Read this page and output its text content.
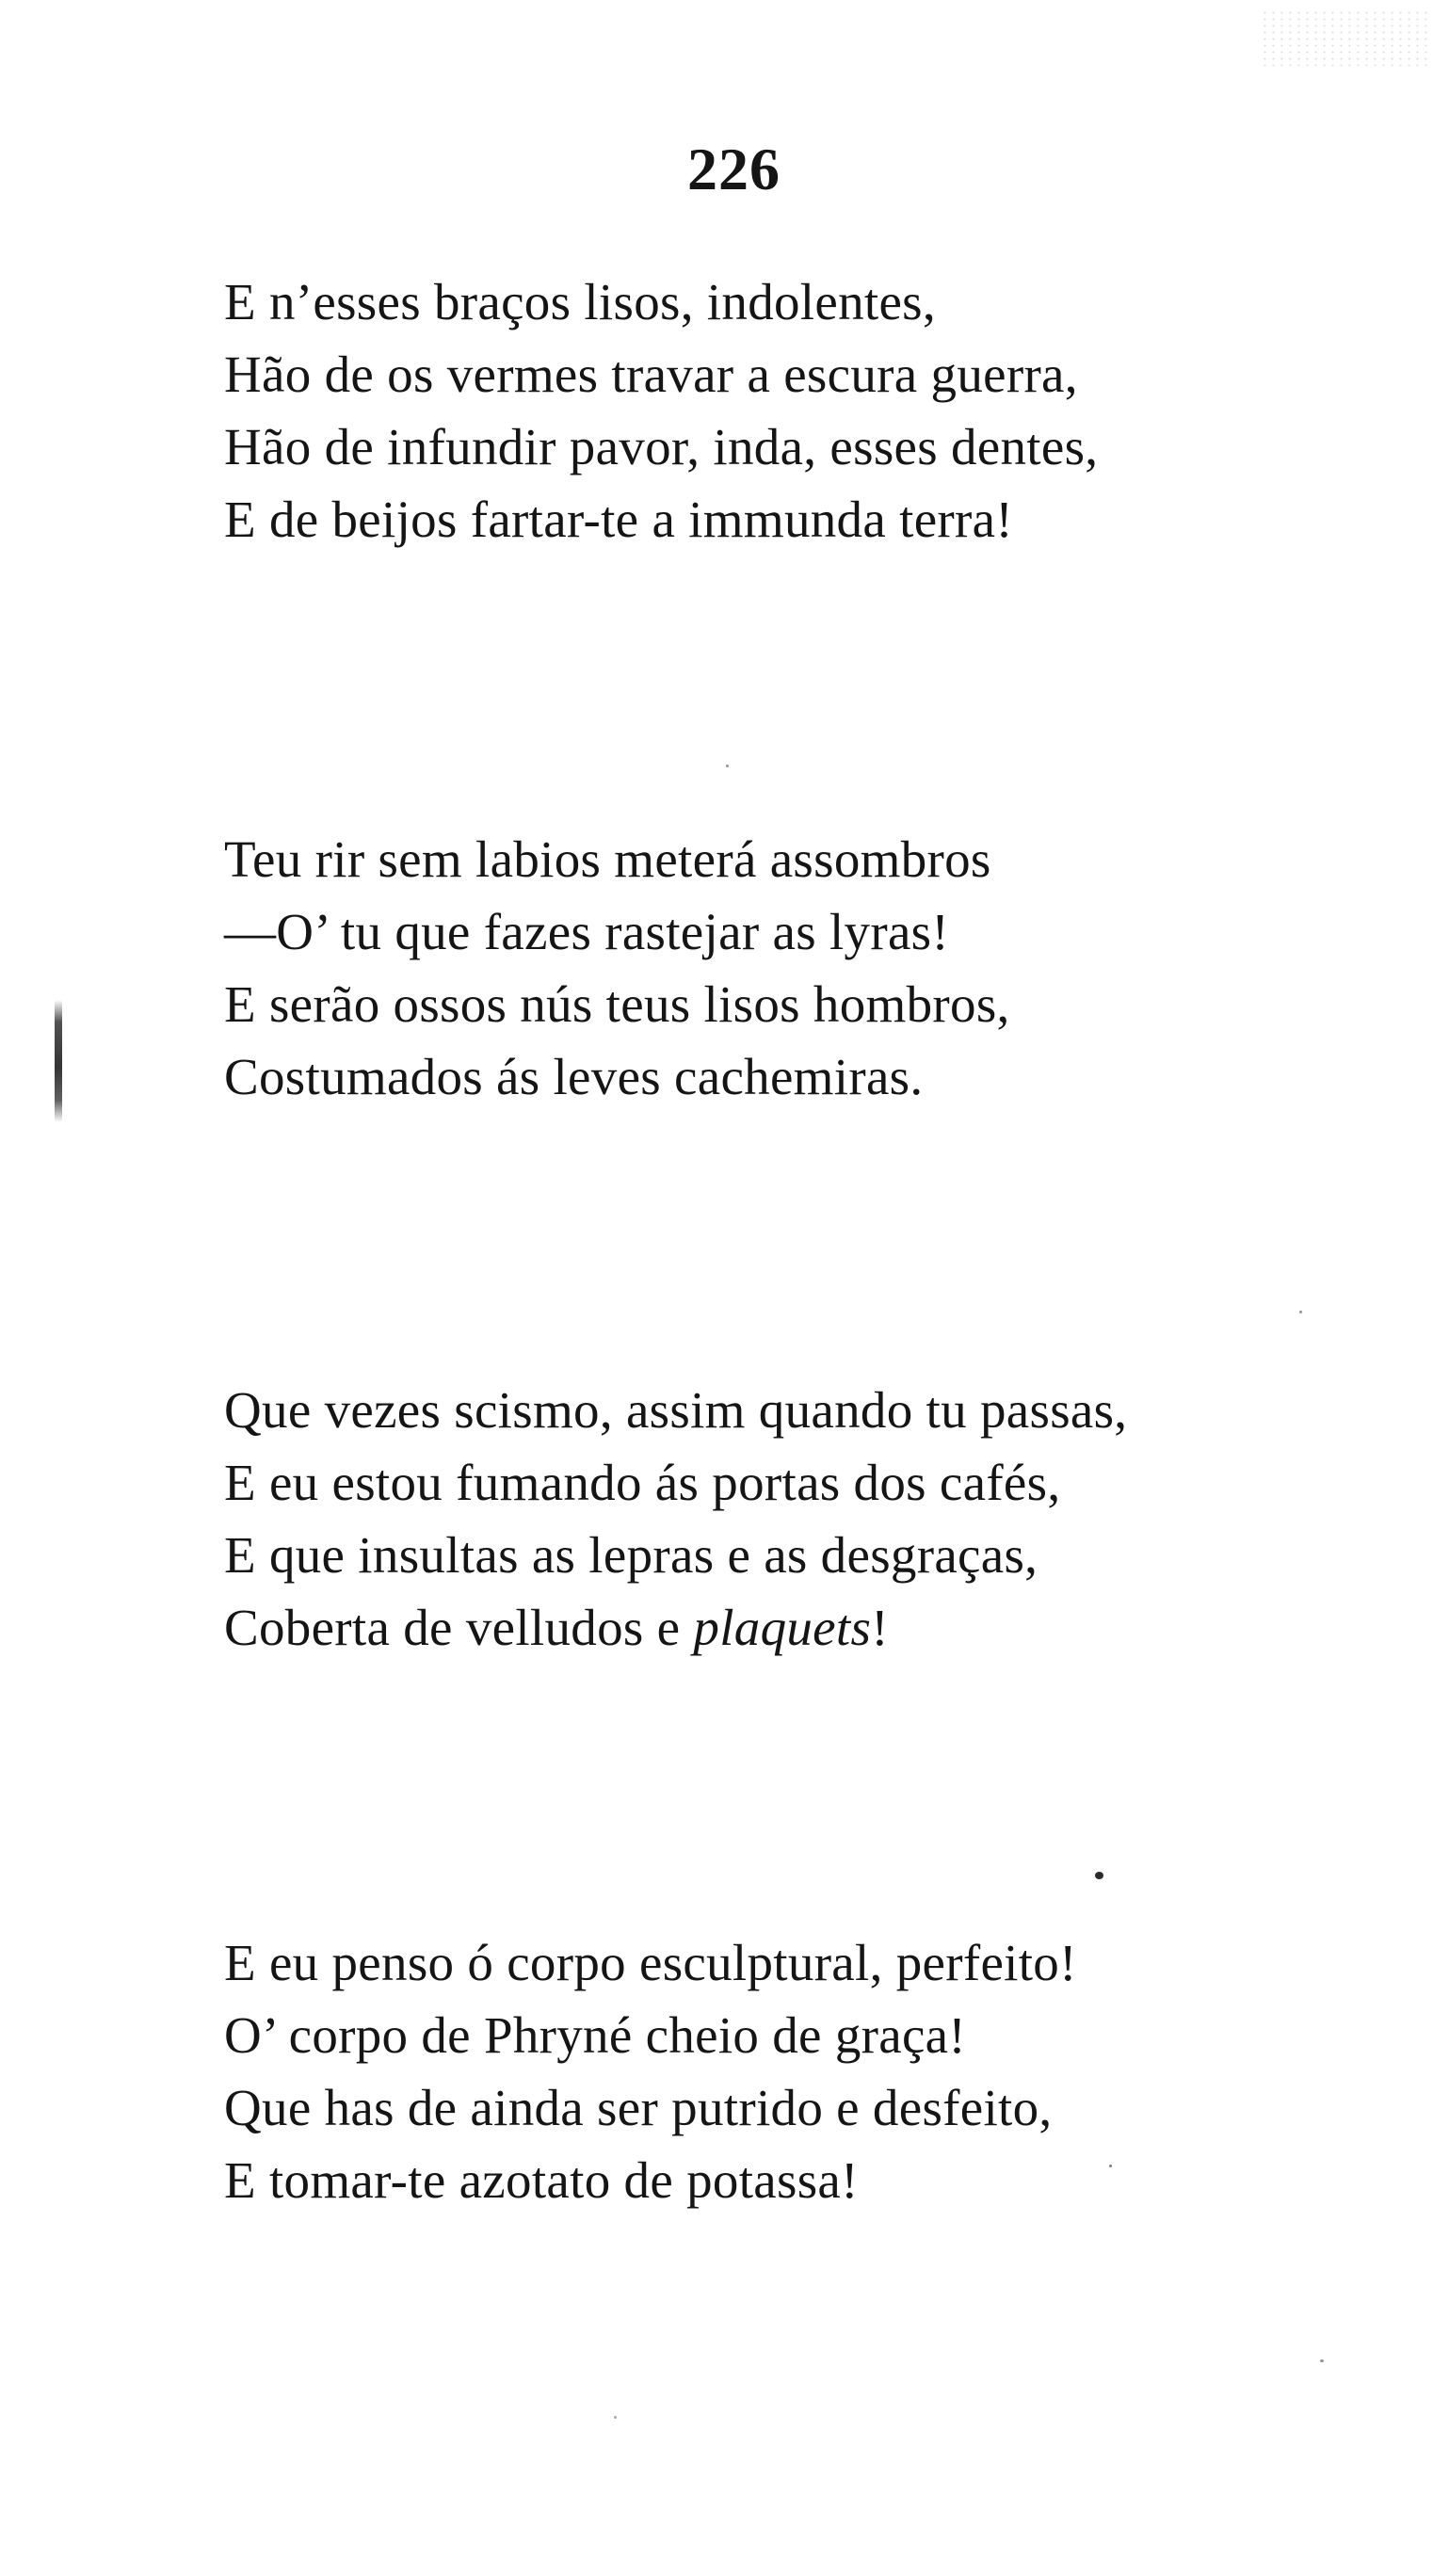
226
E n’esses braços lisos, indolentes,
Hão de os vermes travar a escura guerra,
Hão de infundir pavor, inda, esses dentes,
E de beijos fartar-te a immunda terra!
Teu rir sem labios meterá assombros
—O’ tu que fazes rastejar as lyras!
E serão ossos nús teus lisos hombros,
Costumados ás leves cachemiras.
Que vezes scismo, assim quando tu passas,
E eu estou fumando ás portas dos cafés,
E que insultas as lepras e as desgraças,
Coberta de velludos e plaquets!
E eu penso ó corpo esculptural, perfeito!
O’ corpo de Phryné cheio de graça!
Que has de ainda ser putrido e desfeito,
E tomar-te azotato de potassa!
